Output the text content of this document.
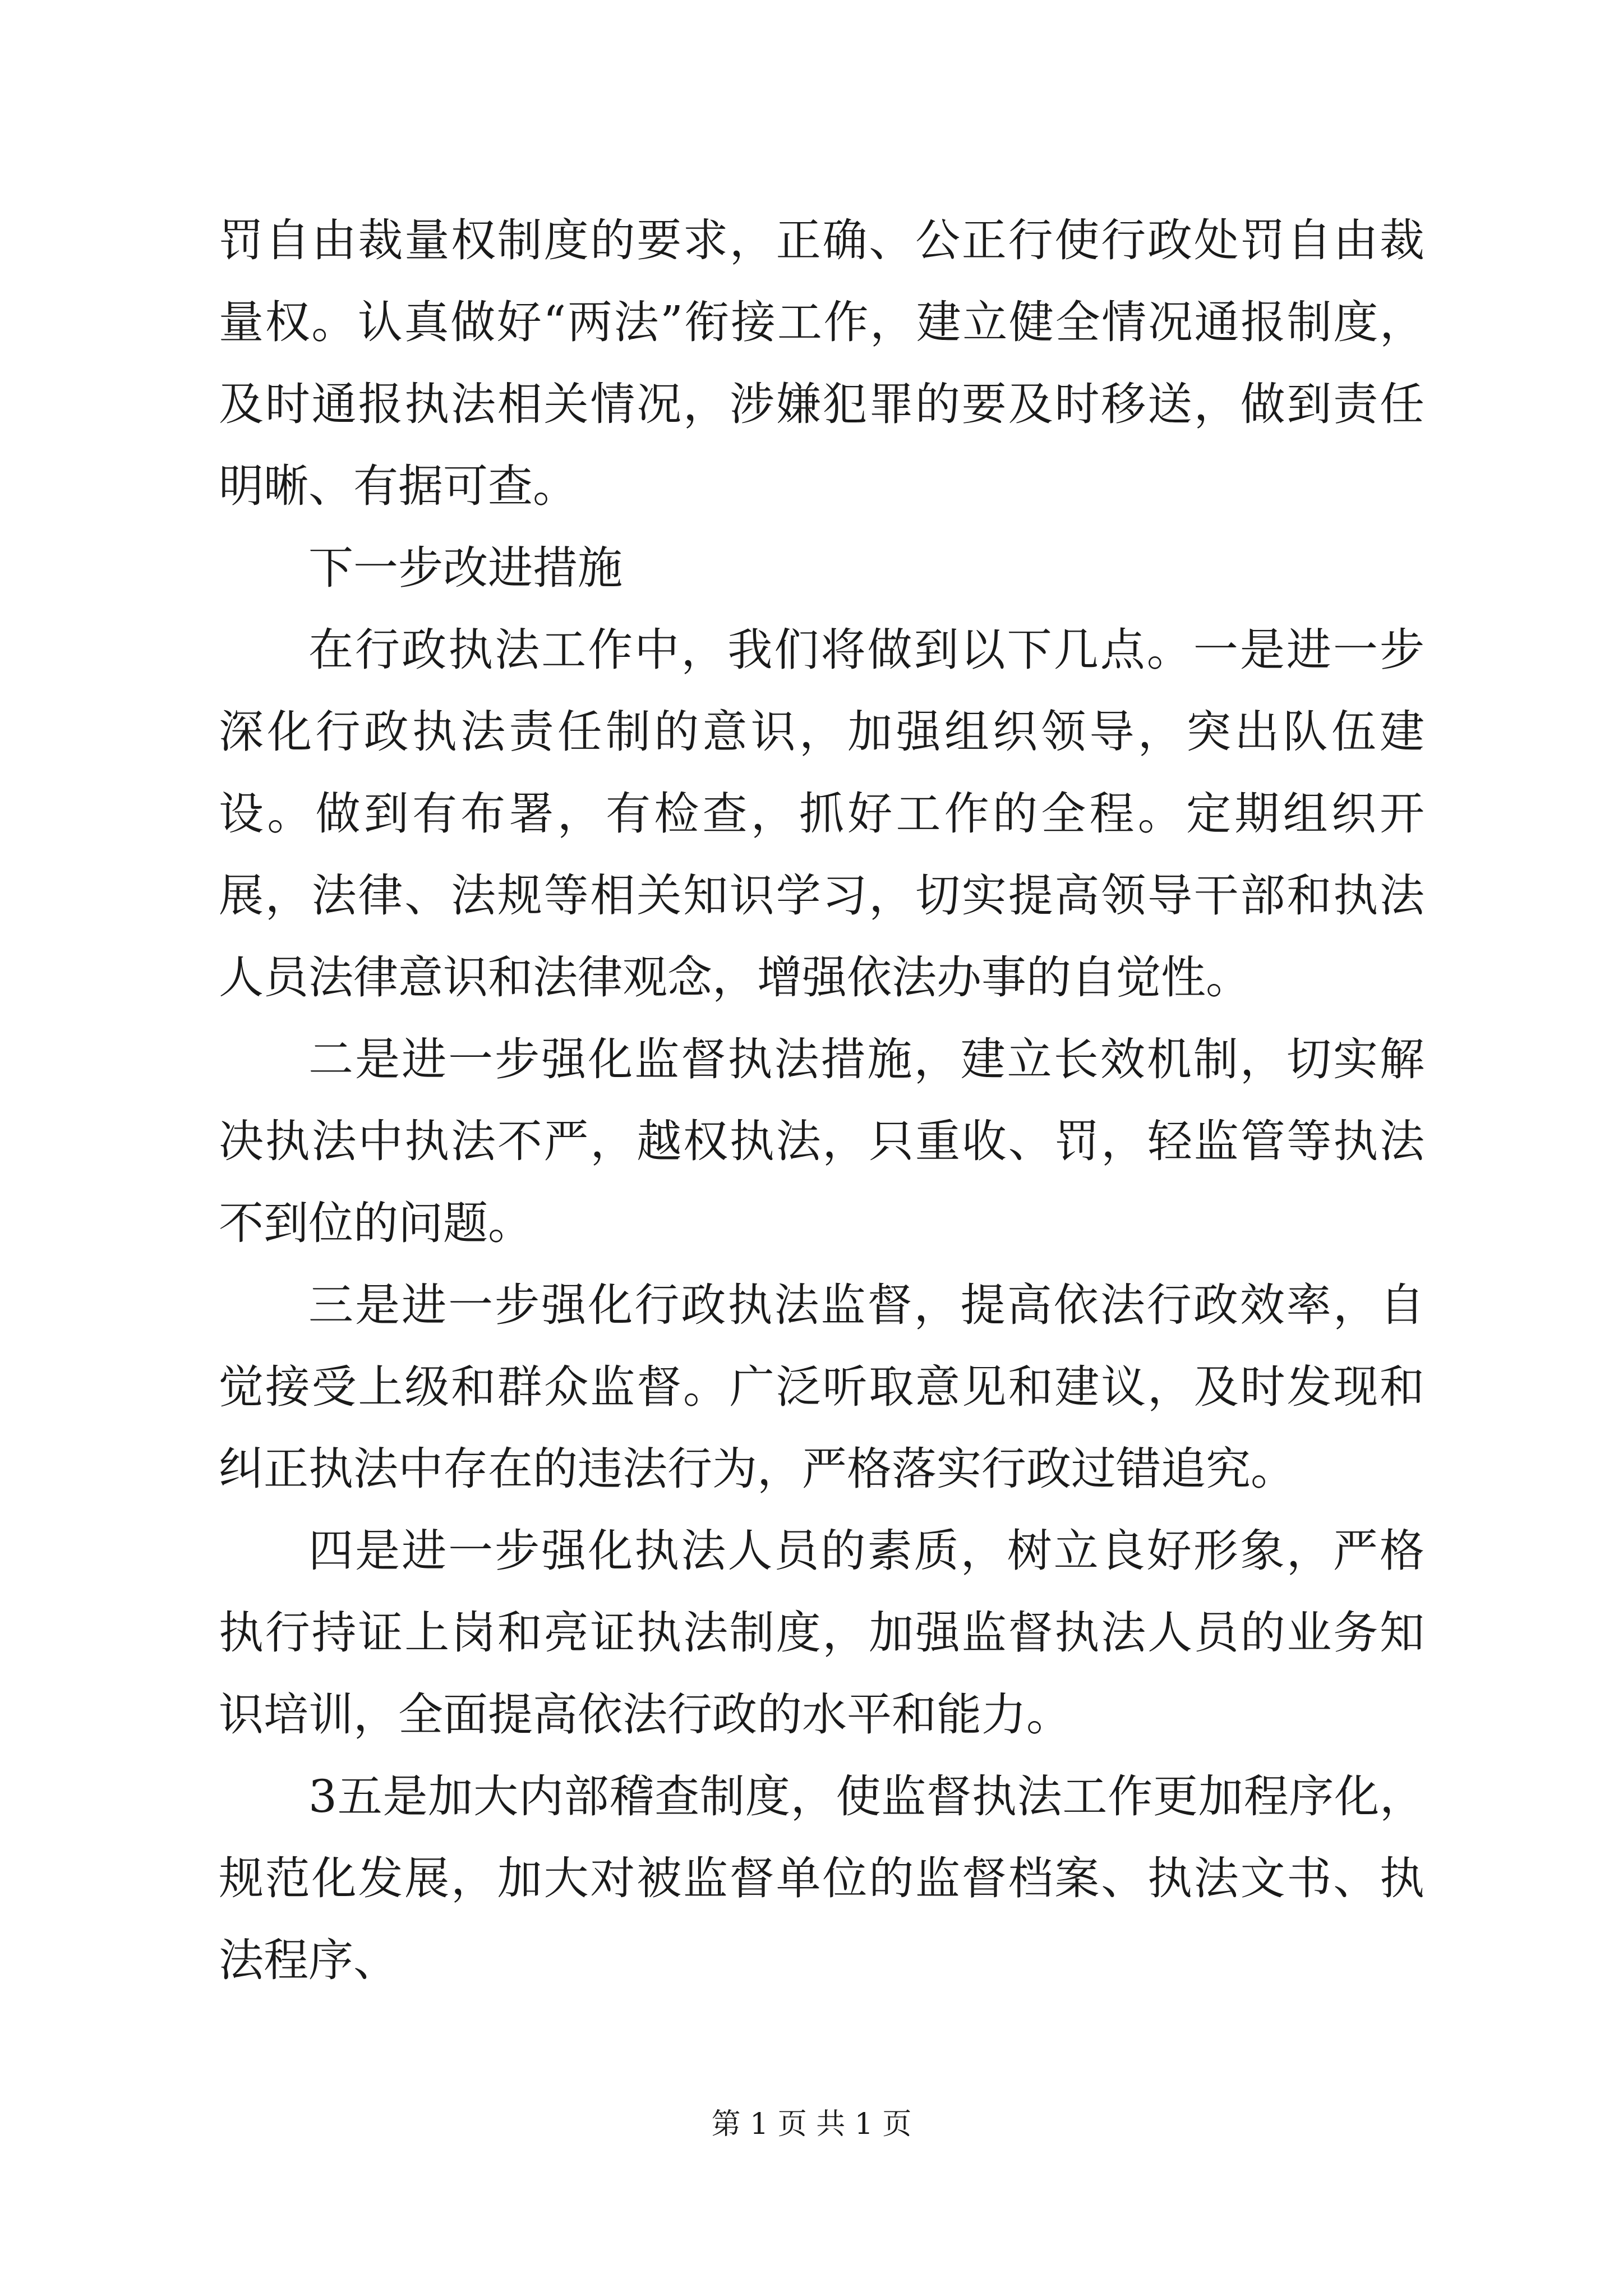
罚自由裁量权制度的要求，正确、公正行使行政处罚自由裁量权。认真做好“两法”衔接工作，建立健全情况通报制度，及时通报执法相关情况，涉嫌犯罪的要及时移送，做到责任明晰、有据可查。

下一步改进措施

在行政执法工作中，我们将做到以下几点。一是进一步深化行政执法责任制的意识，加强组织领导，突出队伍建设。做到有布署，有检查，抓好工作的全程。定期组织开展，法律、法规等相关知识学习，切实提高领导干部和执法人员法律意识和法律观念，增强依法办事的自觉性。

二是进一步强化监督执法措施，建立长效机制，切实解决执法中执法不严，越权执法，只重收、罚，轻监管等执法不到位的问题。

三是进一步强化行政执法监督，提高依法行政效率，自觉接受上级和群众监督。广泛听取意见和建议，及时发现和纠正执法中存在的违法行为，严格落实行政过错追究。

四是进一步强化执法人员的素质，树立良好形象，严格执行持证上岗和亮证执法制度，加强监督执法人员的业务知识培训，全面提高依法行政的水平和能力。

3五是加大内部稽查制度，使监督执法工作更加程序化，规范化发展，加大对被监督单位的监督档案、执法文书、执法程序、

第 1 页 共 1 页
